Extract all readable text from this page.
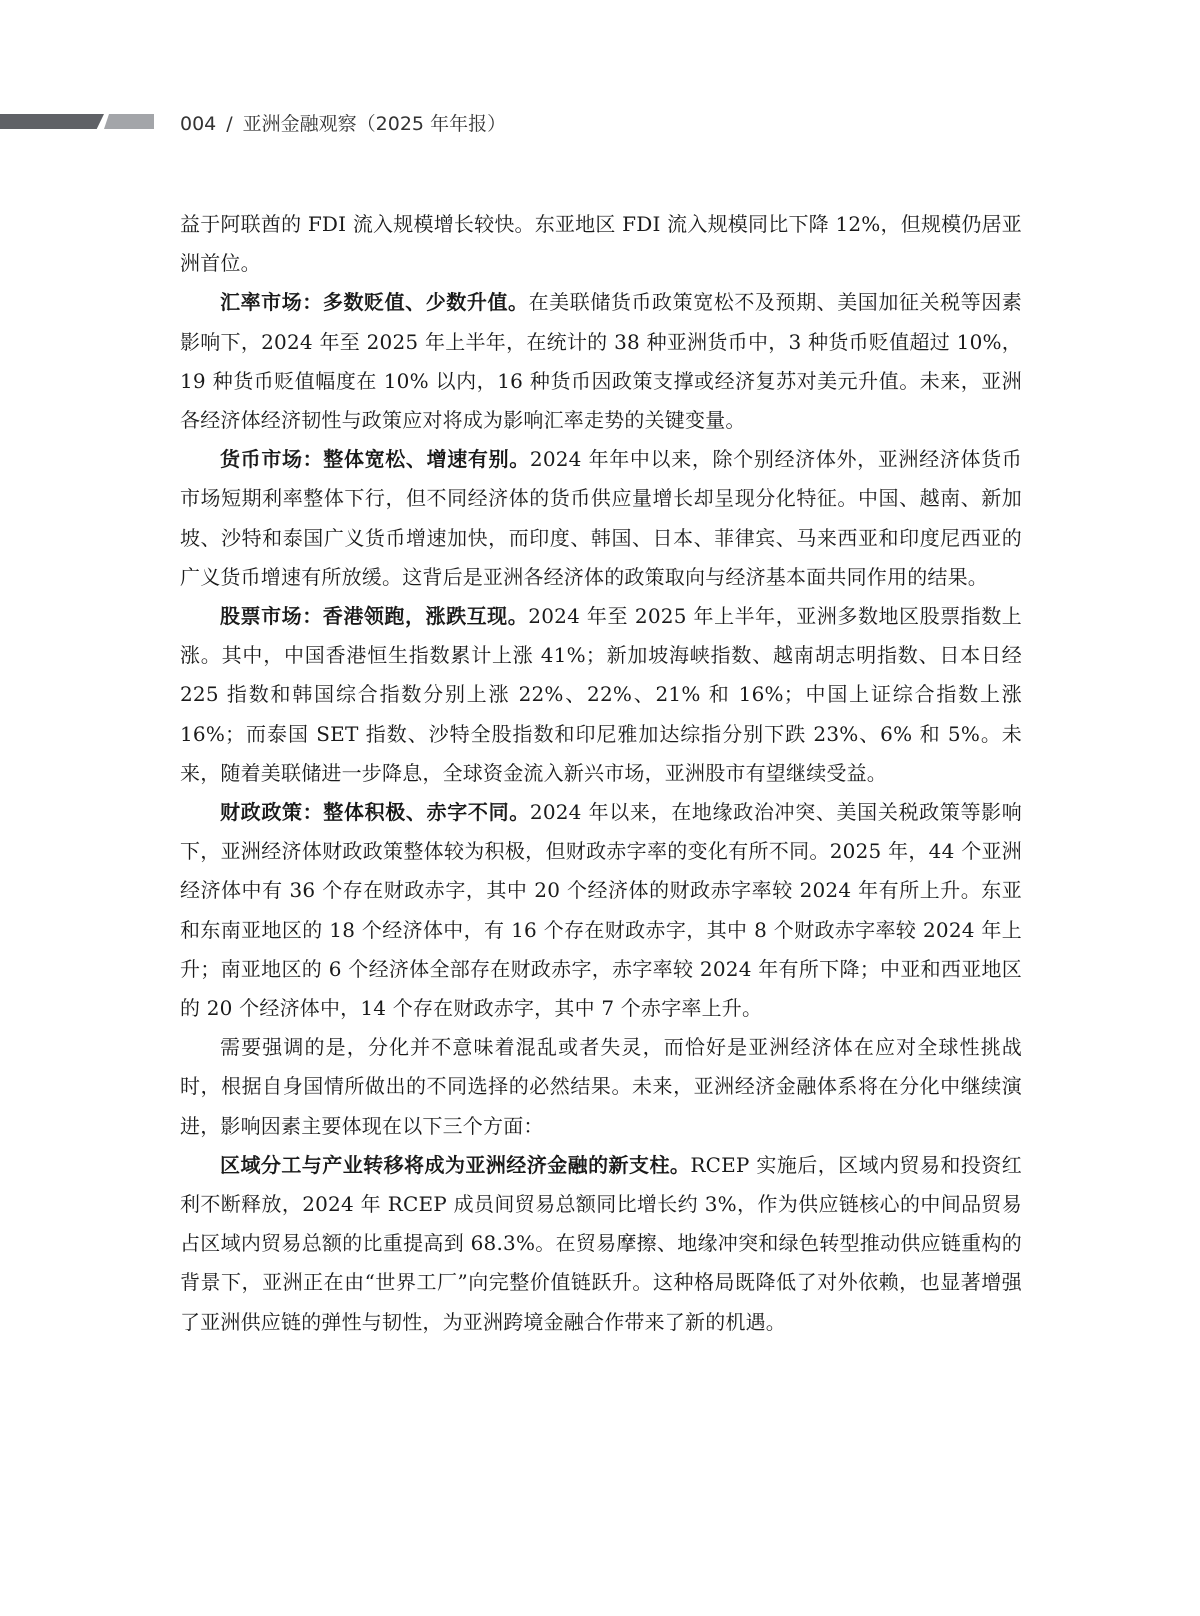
004 / 亚洲金融观察（2025 年年报）

益于阿联酋的 FDI 流入规模增长较快。东亚地区 FDI 流入规模同比下降 12%，但规模仍居亚洲首位。

汇率市场：多数贬值、少数升值。在美联储货币政策宽松不及预期、美国加征关税等因素影响下，2024 年至 2025 年上半年，在统计的 38 种亚洲货币中，3 种货币贬值超过 10%，19 种货币贬值幅度在 10% 以内，16 种货币因政策支撑或经济复苏对美元升值。未来，亚洲各经济体经济韧性与政策应对将成为影响汇率走势的关键变量。

货币市场：整体宽松、增速有别。2024 年年中以来，除个别经济体外，亚洲经济体货币市场短期利率整体下行，但不同经济体的货币供应量增长却呈现分化特征。中国、越南、新加坡、沙特和泰国广义货币增速加快，而印度、韩国、日本、菲律宾、马来西亚和印度尼西亚的广义货币增速有所放缓。这背后是亚洲各经济体的政策取向与经济基本面共同作用的结果。

股票市场：香港领跑，涨跌互现。2024 年至 2025 年上半年，亚洲多数地区股票指数上涨。其中，中国香港恒生指数累计上涨 41%；新加坡海峡指数、越南胡志明指数、日本日经 225 指数和韩国综合指数分别上涨 22%、22%、21% 和 16%；中国上证综合指数上涨 16%；而泰国 SET 指数、沙特全股指数和印尼雅加达综指分别下跌 23%、6% 和 5%。未来，随着美联储进一步降息，全球资金流入新兴市场，亚洲股市有望继续受益。

财政政策：整体积极、赤字不同。2024 年以来，在地缘政治冲突、美国关税政策等影响下，亚洲经济体财政政策整体较为积极，但财政赤字率的变化有所不同。2025 年，44 个亚洲经济体中有 36 个存在财政赤字，其中 20 个经济体的财政赤字率较 2024 年有所上升。东亚和东南亚地区的 18 个经济体中，有 16 个存在财政赤字，其中 8 个财政赤字率较 2024 年上升；南亚地区的 6 个经济体全部存在财政赤字，赤字率较 2024 年有所下降；中亚和西亚地区的 20 个经济体中，14 个存在财政赤字，其中 7 个赤字率上升。

需要强调的是，分化并不意味着混乱或者失灵，而恰好是亚洲经济体在应对全球性挑战时，根据自身国情所做出的不同选择的必然结果。未来，亚洲经济金融体系将在分化中继续演进，影响因素主要体现在以下三个方面：

区域分工与产业转移将成为亚洲经济金融的新支柱。RCEP 实施后，区域内贸易和投资红利不断释放，2024 年 RCEP 成员间贸易总额同比增长约 3%，作为供应链核心的中间品贸易占区域内贸易总额的比重提高到 68.3%。在贸易摩擦、地缘冲突和绿色转型推动供应链重构的背景下，亚洲正在由“世界工厂”向完整价值链跃升。这种格局既降低了对外依赖，也显著增强了亚洲供应链的弹性与韧性，为亚洲跨境金融合作带来了新的机遇。
